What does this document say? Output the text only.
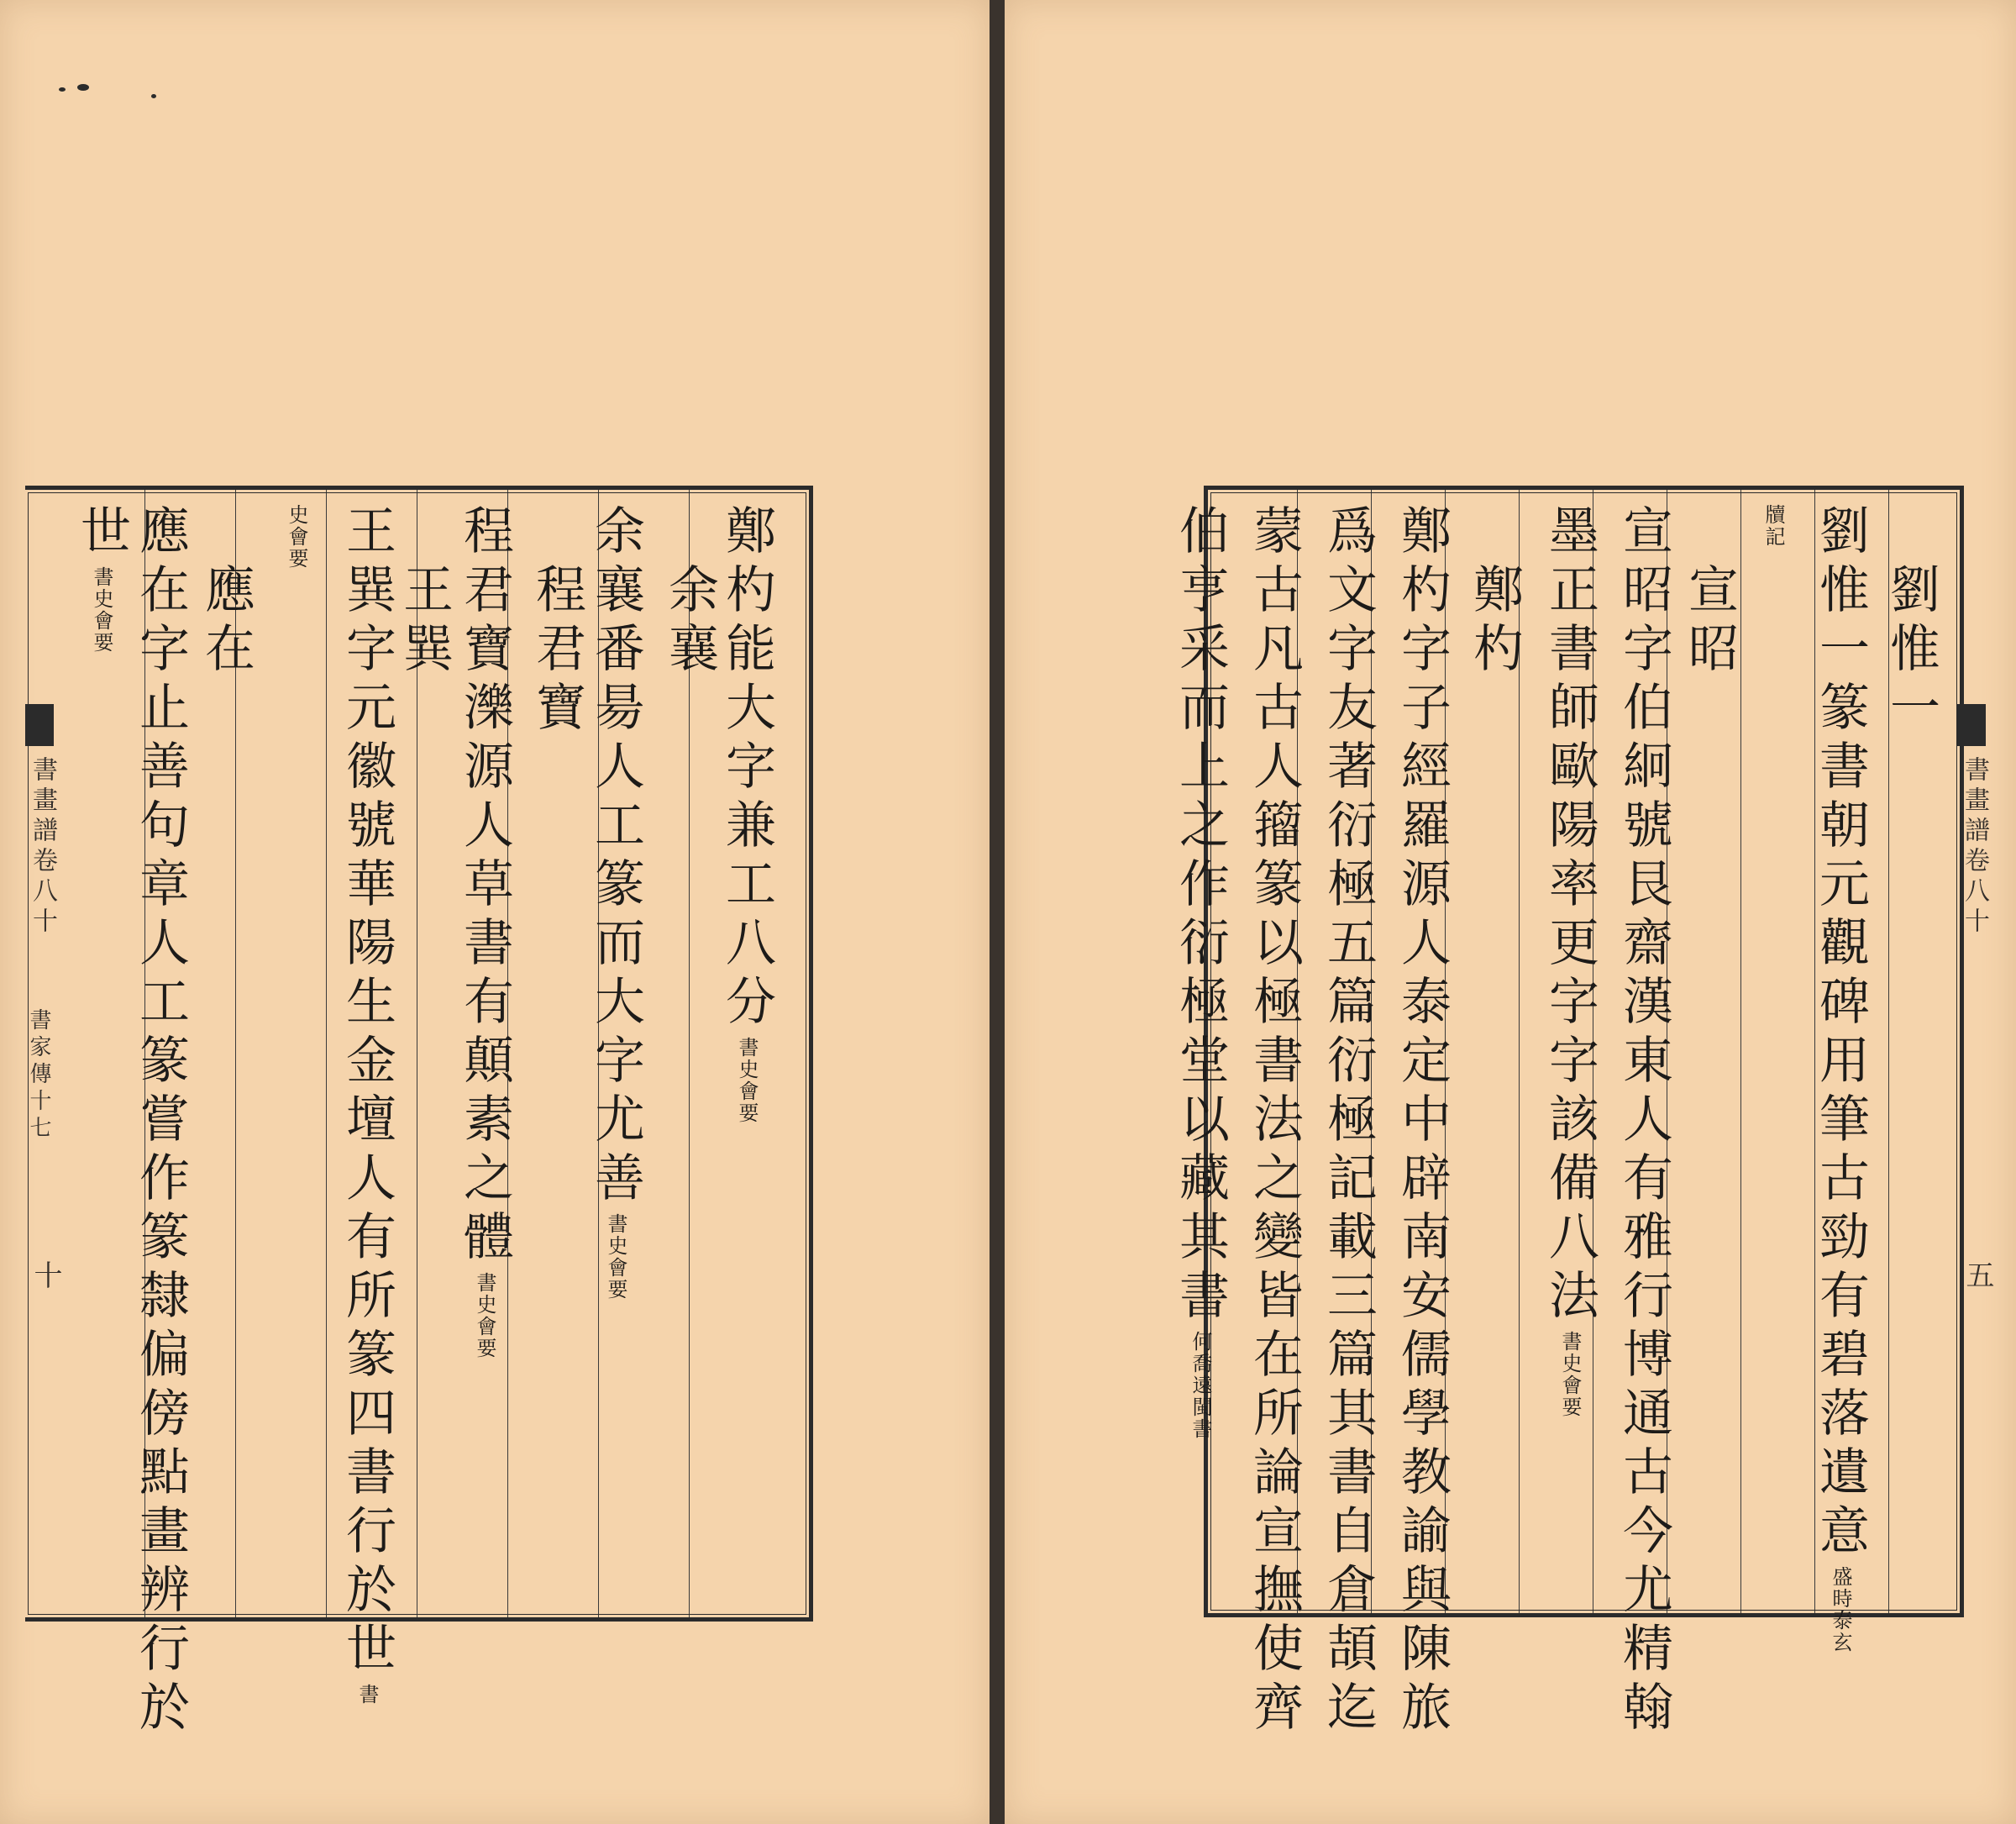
鄭杓能大字兼工八分書史會要
　余襄
余襄番昜人工篆而大字尤善書史會要
　程君寶
程君寶濼源人草書有顛素之體書史會要
　王巽
王巽字元徽號華陽生金壇人有所篆四書行於世書
史會要
　應在
應在字止善句章人工篆嘗作篆隸偏傍點畫辨行於
世書史會要
書畫譜卷八十
書家傳十七
十
　劉惟一
劉惟一篆書朝元觀碑用筆古勁有碧落遺意盛時泰玄
牘記
　宣昭
宣昭字伯絅號艮齋漢東人有雅行博通古今尤精翰
墨正書師歐陽率更字字該備八法書史會要
　鄭杓
鄭杓字子經羅源人泰定中辟南安儒學教諭與陳旅
爲文字友著衍極五篇衍極記載三篇其書自倉頡迄
蒙古凡古人籀篆以極書法之變皆在所論宣撫使齊
伯亨采而上之作衍極堂以藏其書何喬遠閩書
書畫譜卷八十
五
